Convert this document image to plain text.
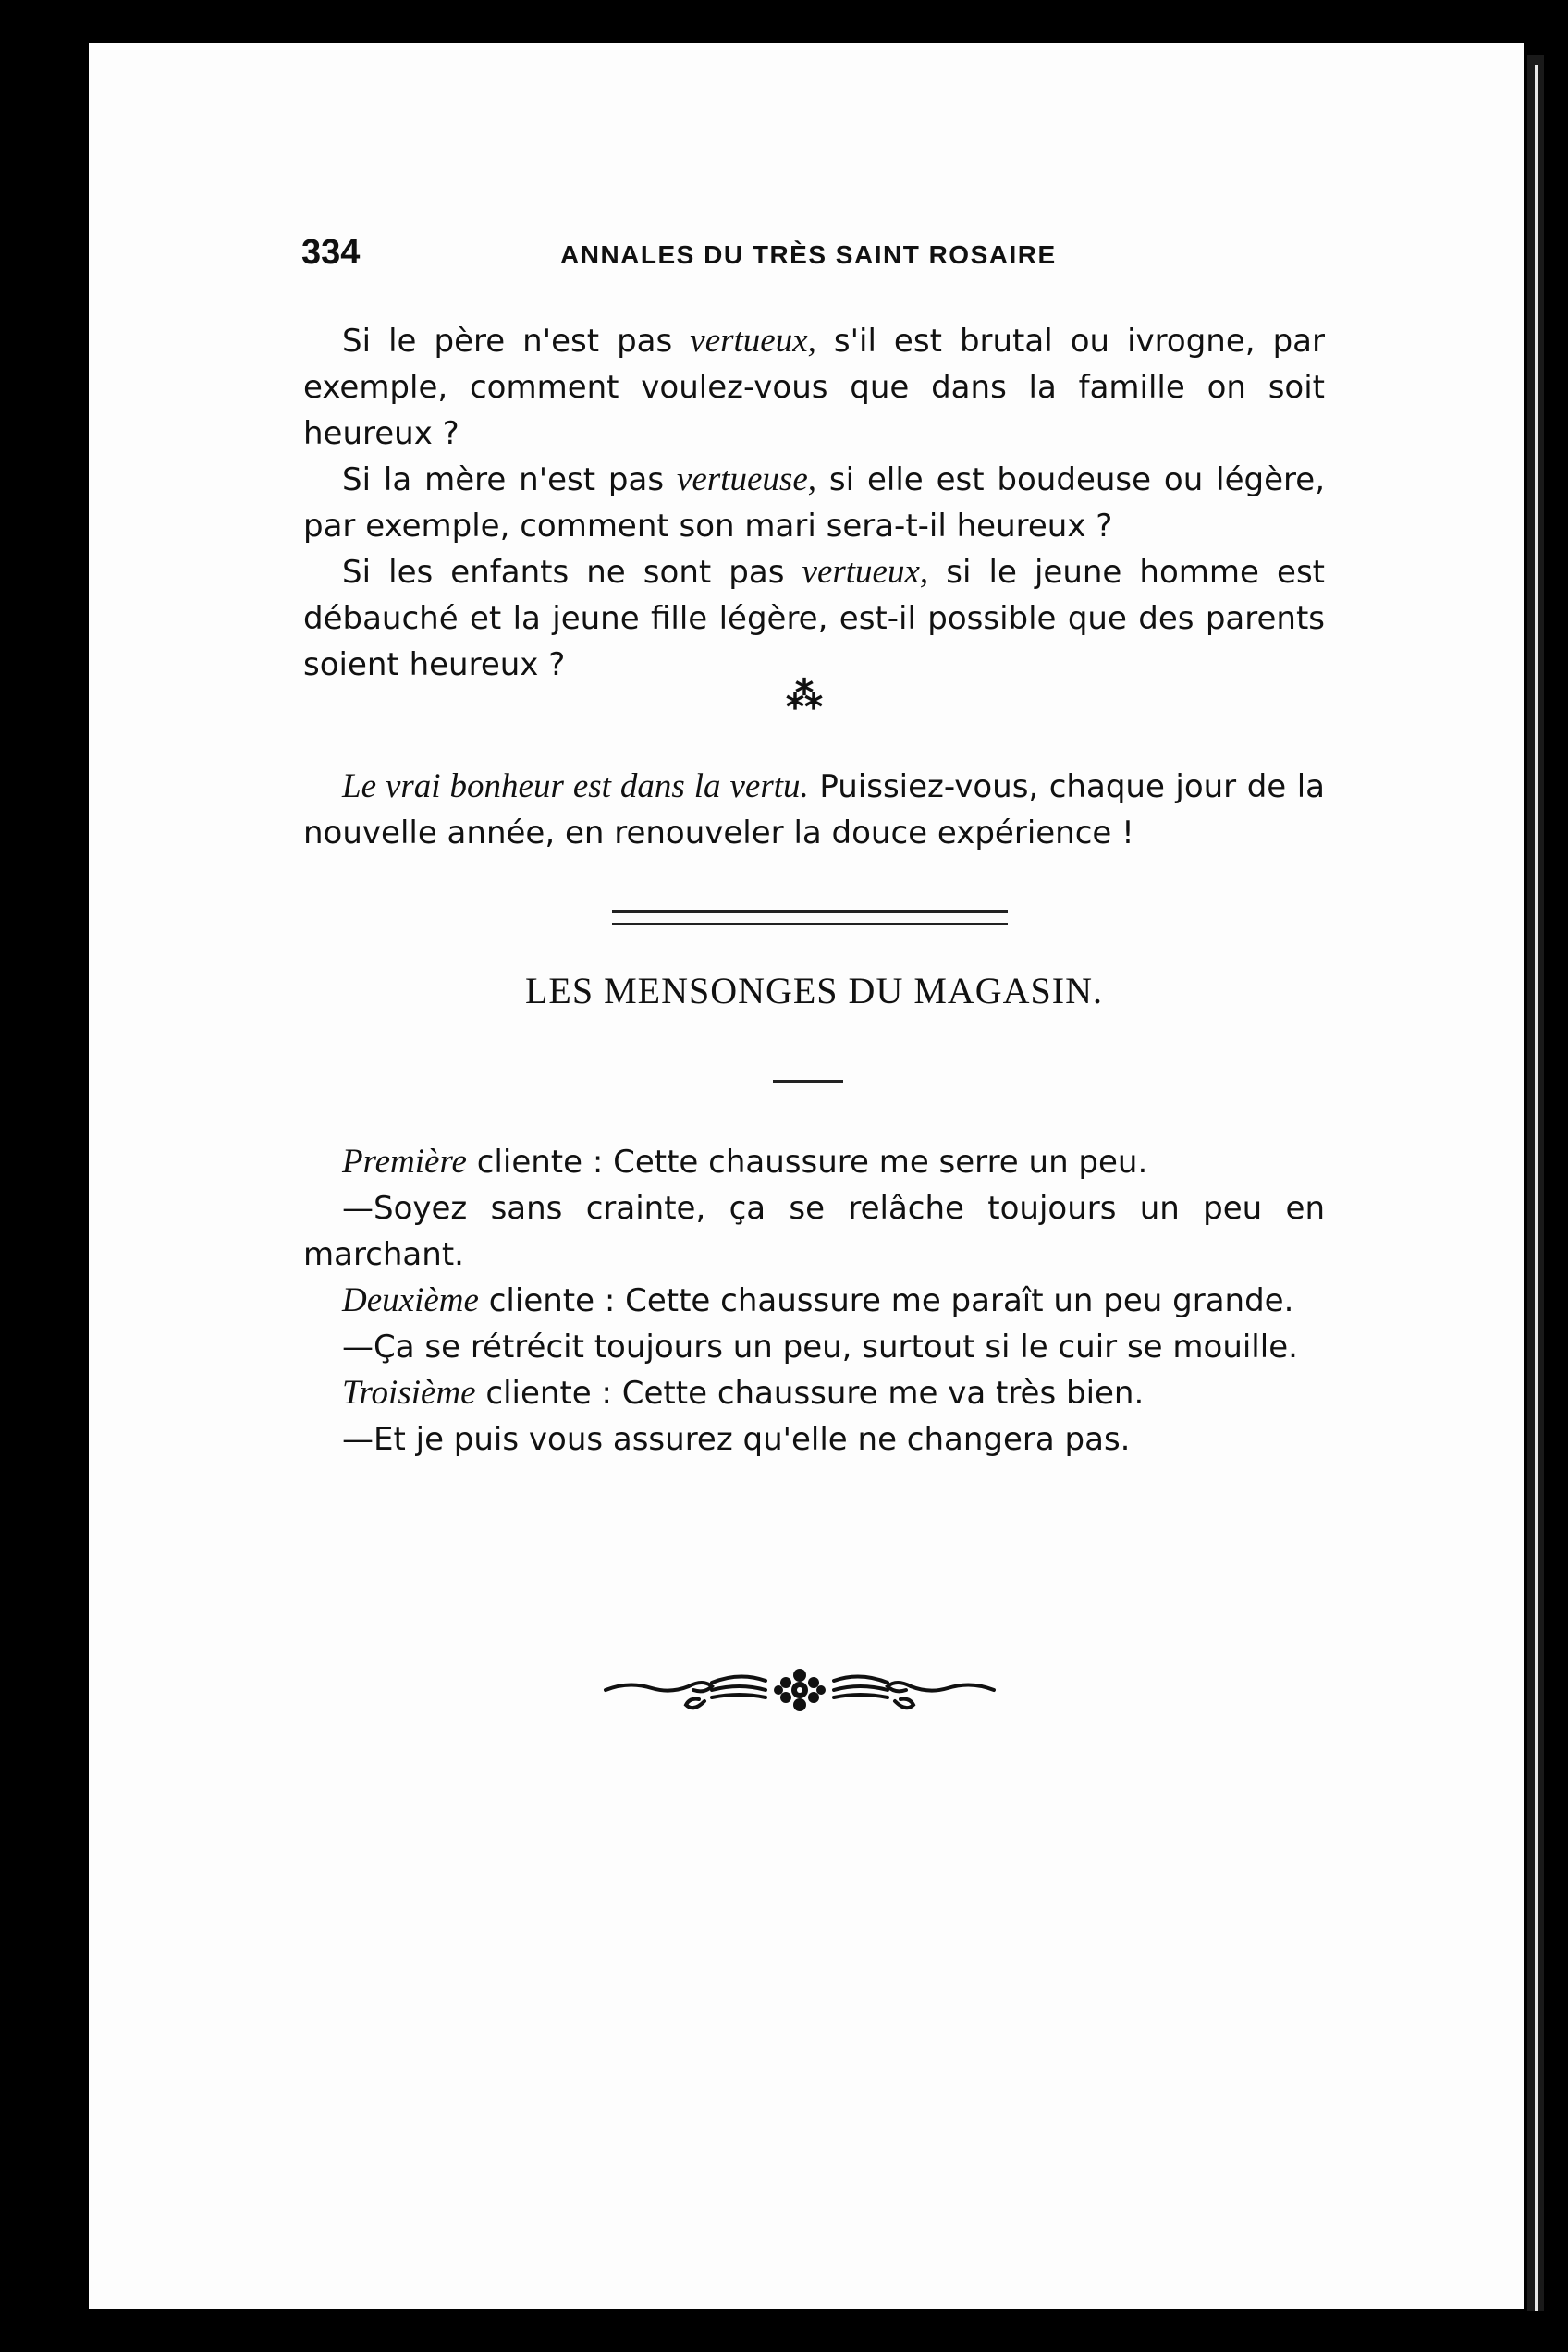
334	ANNALES DU TRÈS SAINT ROSAIRE

Si le père n'est pas vertueux, s'il est brutal ou ivrogne, par exemple, comment voulez-vous que dans la famille on soit heureux ?

Si la mère n'est pas vertueuse, si elle est boudeuse ou légère, par exemple, comment son mari sera-t-il heureux ?

Si les enfants ne sont pas vertueux, si le jeune homme est débauché et la jeune fille légère, est-il possible que des parents soient heureux ?

⁂

Le vrai bonheur est dans la vertu. Puissiez-vous, chaque jour de la nouvelle année, en renouveler la douce expérience !

LES MENSONGES DU MAGASIN.

Première cliente : Cette chaussure me serre un peu.

—Soyez sans crainte, ça se relâche toujours un peu en marchant.

Deuxième cliente : Cette chaussure me paraît un peu grande.

—Ça se rétrécit toujours un peu, surtout si le cuir se mouille.

Troisième cliente : Cette chaussure me va très bien.

—Et je puis vous assurez qu'elle ne changera pas.
